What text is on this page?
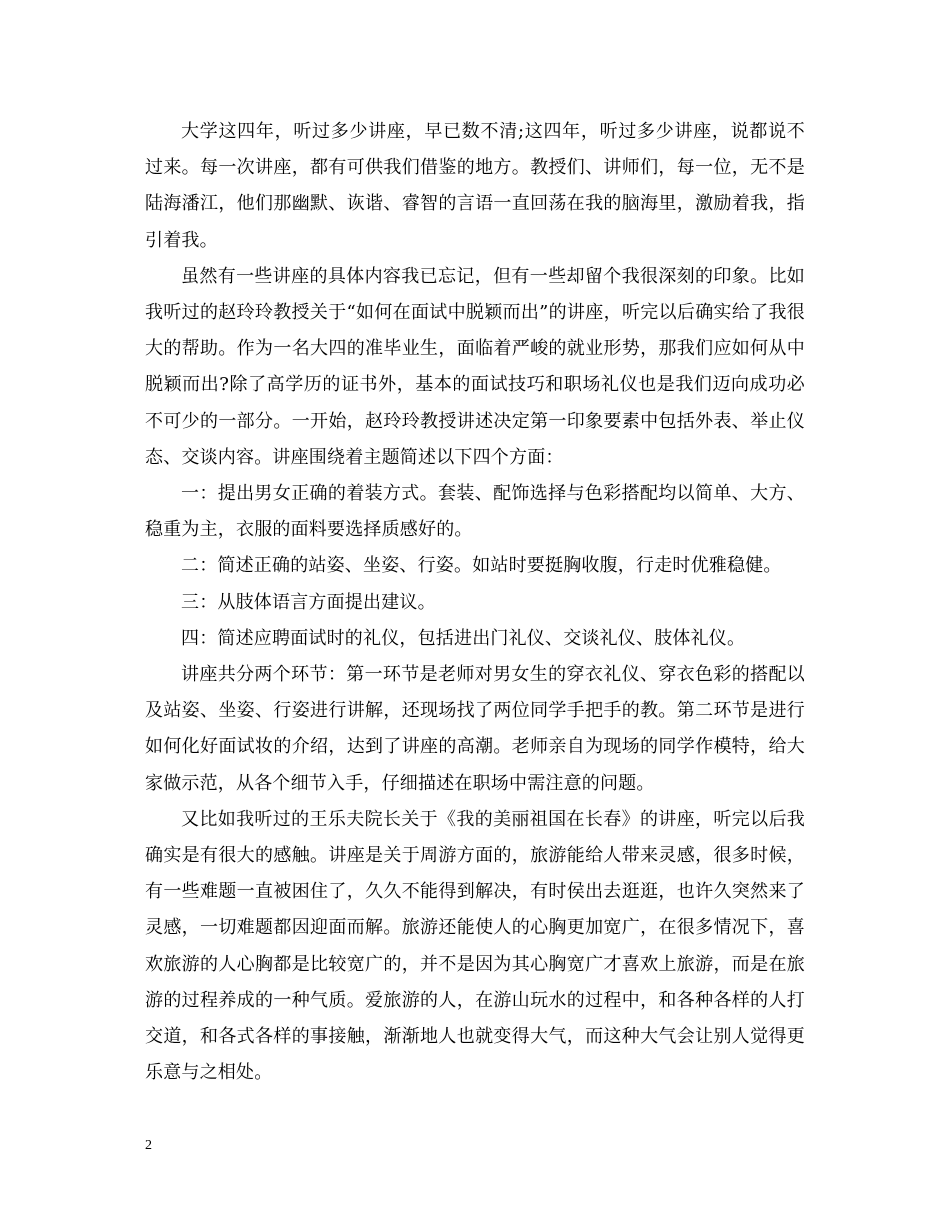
大学这四年，听过多少讲座，早已数不清;这四年，听过多少讲座，说都说不过来。每一次讲座，都有可供我们借鉴的地方。教授们、讲师们，每一位，无不是陆海潘江，他们那幽默、诙谐、睿智的言语一直回荡在我的脑海里，激励着我，指引着我。

虽然有一些讲座的具体内容我已忘记，但有一些却留个我很深刻的印象。比如我听过的赵玲玲教授关于“如何在面试中脱颖而出”的讲座，听完以后确实给了我很大的帮助。作为一名大四的准毕业生，面临着严峻的就业形势，那我们应如何从中脱颖而出?除了高学历的证书外，基本的面试技巧和职场礼仪也是我们迈向成功必不可少的一部分。一开始，赵玲玲教授讲述决定第一印象要素中包括外表、举止仪态、交谈内容。讲座围绕着主题简述以下四个方面：

一：提出男女正确的着装方式。套装、配饰选择与色彩搭配均以简单、大方、稳重为主，衣服的面料要选择质感好的。

二：简述正确的站姿、坐姿、行姿。如站时要挺胸收腹，行走时优雅稳健。

三：从肢体语言方面提出建议。

四：简述应聘面试时的礼仪，包括进出门礼仪、交谈礼仪、肢体礼仪。

讲座共分两个环节：第一环节是老师对男女生的穿衣礼仪、穿衣色彩的搭配以及站姿、坐姿、行姿进行讲解，还现场找了两位同学手把手的教。第二环节是进行如何化好面试妆的介绍，达到了讲座的高潮。老师亲自为现场的同学作模特，给大家做示范，从各个细节入手，仔细描述在职场中需注意的问题。

又比如我听过的王乐夫院长关于《我的美丽祖国在长春》的讲座，听完以后我确实是有很大的感触。讲座是关于周游方面的，旅游能给人带来灵感，很多时候，有一些难题一直被困住了，久久不能得到解决，有时侯出去逛逛，也许久突然来了灵感，一切难题都因迎面而解。旅游还能使人的心胸更加宽广，在很多情况下，喜欢旅游的人心胸都是比较宽广的，并不是因为其心胸宽广才喜欢上旅游，而是在旅游的过程养成的一种气质。爱旅游的人，在游山玩水的过程中，和各种各样的人打交道，和各式各样的事接触，渐渐地人也就变得大气，而这种大气会让别人觉得更乐意与之相处。

2
